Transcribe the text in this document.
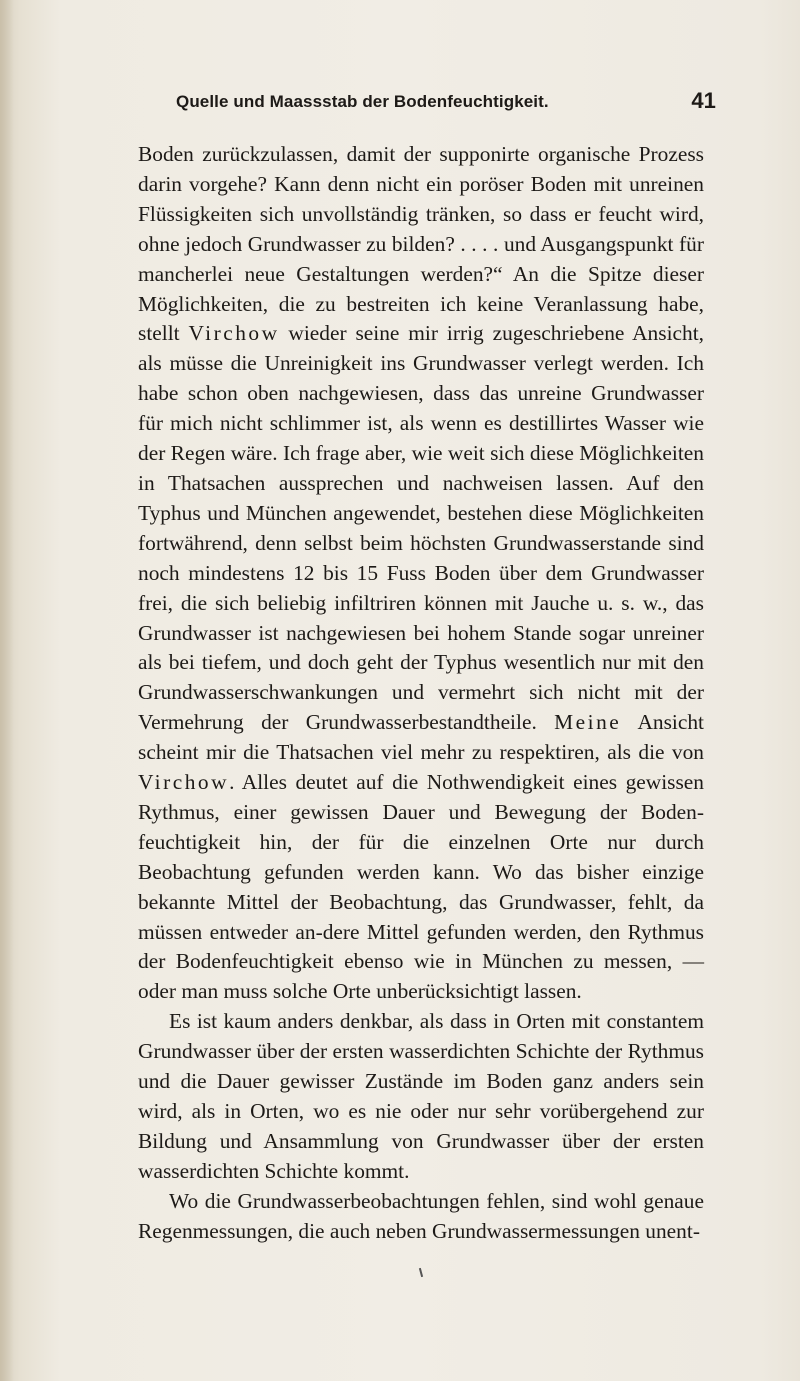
Quelle und Maassstab der Bodenfeuchtigkeit.	41

Boden zurückzulassen, damit der supponirte organische Prozess darin vorgehe? Kann denn nicht ein poröser Boden mit unreinen Flüssigkeiten sich unvollständig tränken, so dass er feucht wird, ohne jedoch Grundwasser zu bilden? . . . . und Ausgangspunkt für mancherlei neue Gestaltungen werden?“ An die Spitze dieser Möglichkeiten, die zu bestreiten ich keine Veranlassung habe, stellt Virchow wieder seine mir irrig zugeschriebene Ansicht, als müsse die Unreinigkeit ins Grundwasser verlegt werden. Ich habe schon oben nachgewiesen, dass das unreine Grundwasser für mich nicht schlimmer ist, als wenn es destillirtes Wasser wie der Regen wäre. Ich frage aber, wie weit sich diese Möglichkeiten in Thatsachen aussprechen und nachweisen lassen. Auf den Typhus und München angewendet, bestehen diese Möglichkeiten fortwährend, denn selbst beim höchsten Grundwasserstande sind noch mindestens 12 bis 15 Fuss Boden über dem Grundwasser frei, die sich beliebig infiltriren können mit Jauche u. s. w., das Grundwasser ist nachgewiesen bei hohem Stande sogar unreiner als bei tiefem, und doch geht der Typhus wesentlich nur mit den Grundwasserschwankungen und vermehrt sich nicht mit der Vermehrung der Grundwasserbestandtheile. Meine Ansicht scheint mir die Thatsachen viel mehr zu respektiren, als die von Virchow. Alles deutet auf die Nothwendigkeit eines gewissen Rythmus, einer gewissen Dauer und Bewegung der Boden-feuchtigkeit hin, der für die einzelnen Orte nur durch Beobachtung gefunden werden kann. Wo das bisher einzige bekannte Mittel der Beobachtung, das Grundwasser, fehlt, da müssen entweder an-dere Mittel gefunden werden, den Rythmus der Bodenfeuchtigkeit ebenso wie in München zu messen, — oder man muss solche Orte unberücksichtigt lassen.

Es ist kaum anders denkbar, als dass in Orten mit constantem Grundwasser über der ersten wasserdichten Schichte der Rythmus und die Dauer gewisser Zustände im Boden ganz anders sein wird, als in Orten, wo es nie oder nur sehr vorübergehend zur Bildung und Ansammlung von Grundwasser über der ersten wasserdichten Schichte kommt.

Wo die Grundwasserbeobachtungen fehlen, sind wohl genaue Regenmessungen, die auch neben Grundwassermessungen unent-
